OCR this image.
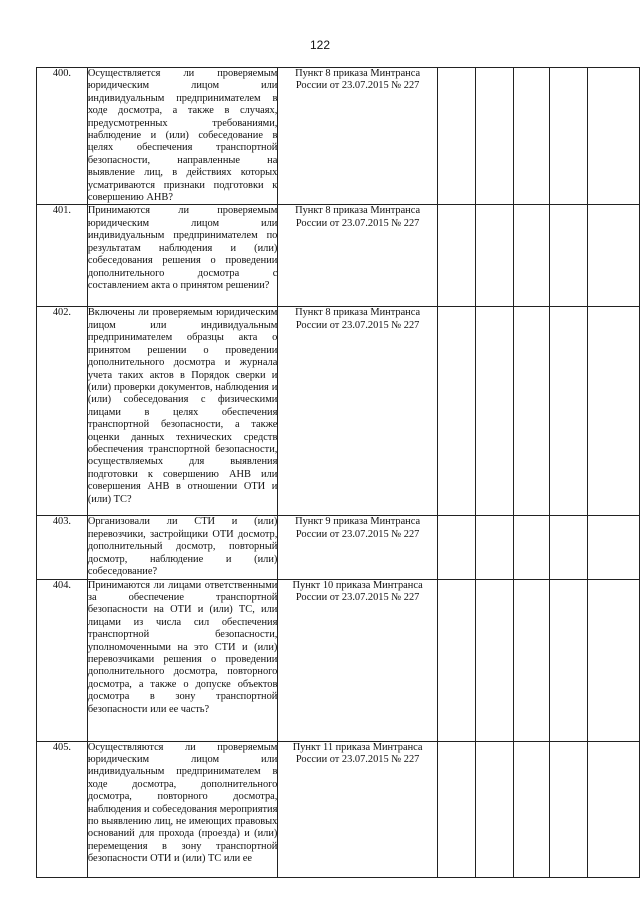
122
400.	Осуществляется ли проверяемым юридическим лицом или индивидуальным предпринимателем в ходе досмотра, а также в случаях, предусмотренных требованиями, наблюдение и (или) собеседование в целях обеспечения транспортной безопасности, направленные на выявление лиц, в действиях которых усматриваются признаки подготовки к совершению АНВ?	Пункт 8 приказа Минтранса
России от 23.07.2015 № 227					

401.	Принимаются ли проверяемым юридическим лицом или индивидуальным предпринимателем по результатам наблюдения и (или) собеседования решения о проведении дополнительного досмотра с составлением акта о принятом решении?	Пункт 8 приказа Минтранса
России от 23.07.2015 № 227					

402.	Включены ли проверяемым юридическим лицом или индивидуальным предпринимателем образцы акта о принятом решении о проведении дополнительного досмотра и журнала учета таких актов в Порядок сверки и (или) проверки документов, наблюдения и (или) собеседования с физическими лицами в целях обеспечения транспортной безопасности, а также оценки данных технических средств обеспечения транспортной безопасности, осуществляемых для выявления подготовки к совершению АНВ или совершения АНВ в отношении ОТИ и (или) ТС?	Пункт 8 приказа Минтранса
России от 23.07.2015 № 227					

403.	Организовали ли СТИ и (или) перевозчики, застройщики ОТИ досмотр, дополнительный досмотр, повторный досмотр, наблюдение и (или) собеседование?	Пункт 9 приказа Минтранса
России от 23.07.2015 № 227					

404.	Принимаются ли лицами ответственными за обеспечение транспортной безопасности на ОТИ и (или) ТС, или лицами из числа сил обеспечения транспортной безопасности, уполномоченными на это СТИ и (или) перевозчиками решения о проведении дополнительного досмотра, повторного досмотра, а также о допуске объектов досмотра в зону транспортной безопасности или ее часть?	Пункт 10 приказа Минтранса
России от 23.07.2015 № 227					

405.	Осуществляются ли проверяемым юридическим лицом или индивидуальным предпринимателем в ходе досмотра, дополнительного досмотра, повторного досмотра, наблюдения и собеседования мероприятия по выявлению лиц, не имеющих правовых оснований для прохода (проезда) и (или) перемещения в зону транспортной безопасности ОТИ и (или) ТС или ее	Пункт 11 приказа Минтранса
России от 23.07.2015 № 227					
